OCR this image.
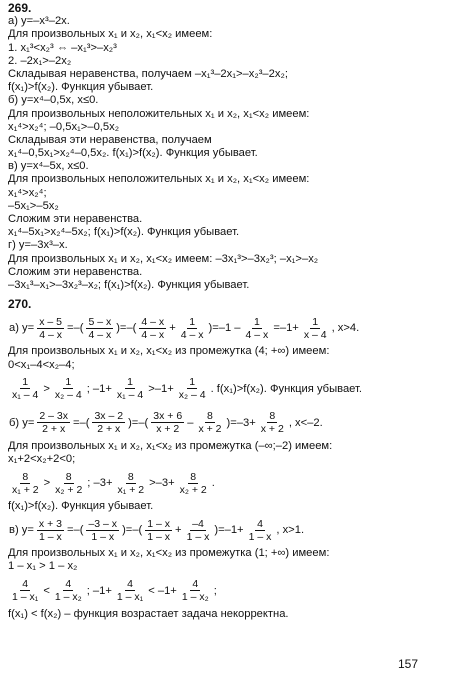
269.
а) y=–x³–2x.
Для произвольных x₁ и x₂, x₁<x₂ имеем:
1. x₁³<x₂³ ⇔ –x₁³>–x₂³
2. –2x₁>–2x₂
Складывая неравенства, получаем –x₁³–2x₁>–x₂³–2x₂;
f(x₁)>f(x₂). Функция убывает.
б) y=x⁴–0,5x, x≤0.
Для произвольных неположительных x₁ и x₂, x₁<x₂ имеем:
x₁⁴>x₂⁴; –0,5x₁>–0,5x₂
Складывая эти неравенства, получаем
x₁⁴–0,5x₁>x₂⁴–0,5x₂. f(x₁)>f(x₂). Функция убывает.
в) y=x⁴–5x, x≤0.
Для произвольных неположительных x₁ и x₂, x₁<x₂ имеем:
x₁⁴>x₂⁴;
–5x₁>–5x₂
Сложим эти неравенства.
x₁⁴–5x₁>x₂⁴–5x₂; f(x₁)>f(x₂). Функция убывает.
г) y=–3x³–x.
Для произвольных x₁ и x₂, x₁<x₂ имеем: –3x₁³>–3x₂³; –x₁>–x₂
Сложим эти неравенства.
–3x₁³–x₁>–3x₂³–x₂; f(x₁)>f(x₂). Функция убывает.
270.
а) $y= \frac{x - 5}{4 - x}$ =–( $\frac{5 - x}{4 - x}$ )=–( $\frac{4 - x}{4 - x} + \frac{1}{4 - x} )=-1 - \frac{1}{4 - x} =-1+ \frac{1}{x - 4}$ , x>4.
Для произвольных x₁ и x₂, x₁<x₂ из промежутка (4; +∞) имеем:
0<x₁–4<x₂–4;
$\frac{1}{\text{x₁ – 4}} > \frac{1}{\text{x₂ – 4}}$ ; $-1+ \frac{1}{\text{x₁ – 4}} >-1+ \frac{1}{\text{x₂ – 4}}$ . f(x₁)>f(x₂). Функция убывает.
б) $y= \frac{2 - 3x}{2 + x}$ =–( $\frac{3x - 2}{2 + x}$ )=–( $\frac{3x + 6}{x + 2} - \frac{8}{x + 2} )=-3+ \frac{8}{x + 2}$ , x<–2.
Для произвольных x₁ и x₂, x₁<x₂ из промежутка (–∞;–2) имеем:
x₁+2<x₂+2<0;
$\frac{8}{\text{x₁ + 2}} > \frac{8}{\text{x₂ + 2}}$ ; $-3+ \frac{8}{\text{x₁ + 2}} >-3+ \frac{8}{\text{x₂ + 2}}$ .
f(x₁)>f(x₂). Функция убывает.
в) $y= \frac{x + 3}{1 - x}$ =–( $\frac{-3 - x}{1 - x}$ )=–( $\frac{1 - x}{1 - x} + \frac{-4}{1 - x} )=-1+ \frac{4}{1 - x}$ , x>1.
Для произвольных x₁ и x₂, x₁<x₂ из промежутка (1; +∞) имеем:
1 – x₁ > 1 – x₂
$\frac{4}{\text{1 – x₁}} < \frac{4}{\text{1 – x₂}}$ ; $-1+ \frac{4}{\text{1 – x₁}} < -1+ \frac{4}{\text{1 – x₂}}$ ;
f(x₁) < f(x₂) – функция возрастает задача некорректна.
157
